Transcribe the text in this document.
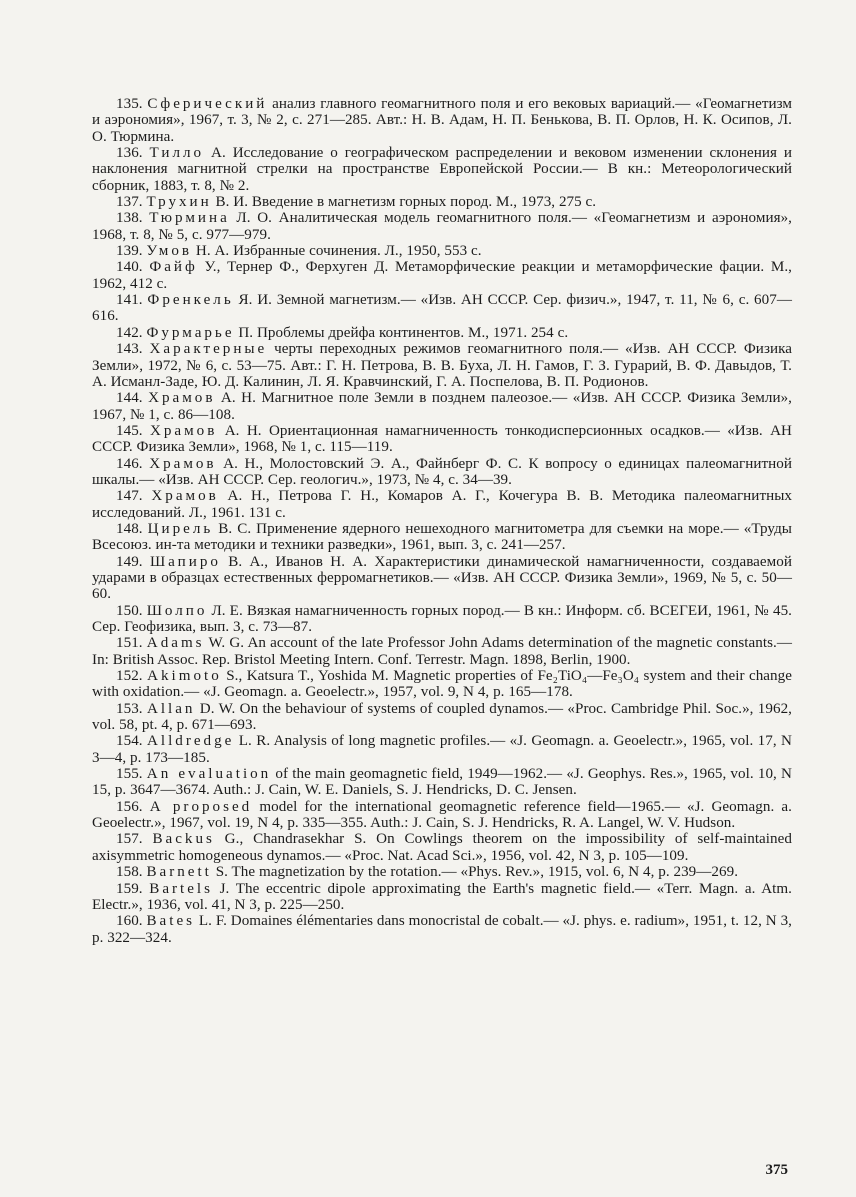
135. Сферический анализ главного геомагнитного поля и его вековых вариаций.— «Геомагнетизм и аэрономия», 1967, т. 3, № 2, с. 271—285. Авт.: Н. В. Адам, Н. П. Бенькова, В. П. Орлов, Н. К. Осипов, Л. О. Тюрмина.

136. Тилло А. Исследование о географическом распределении и вековом изменении склонения и наклонения магнитной стрелки на пространстве Европейской России.— В кн.: Метеорологический сборник, 1883, т. 8, № 2.

137. Трухин В. И. Введение в магнетизм горных пород. М., 1973, 275 с.

138. Тюрмина Л. О. Аналитическая модель геомагнитного поля.— «Геомагнетизм и аэрономия», 1968, т. 8, № 5, с. 977—979.

139. Умов Н. А. Избранные сочинения. Л., 1950, 553 с.

140. Файф У., Тернер Ф., Ферхуген Д. Метаморфические реакции и метаморфические фации. М., 1962, 412 с.

141. Френкель Я. И. Земной магнетизм.— «Изв. АН СССР. Сер. физич.», 1947, т. 11, № 6, с. 607—616.

142. Фурмарье П. Проблемы дрейфа континентов. М., 1971. 254 с.

143. Характерные черты переходных режимов геомагнитного поля.— «Изв. АН СССР. Физика Земли», 1972, № 6, с. 53—75. Авт.: Г. Н. Петрова, В. В. Буха, Л. Н. Гамов, Г. З. Гурарий, В. Ф. Давыдов, Т. А. Исманл-Заде, Ю. Д. Калинин, Л. Я. Кравчинский, Г. А. Поспелова, В. П. Родионов.

144. Храмов А. Н. Магнитное поле Земли в позднем палеозое.— «Изв. АН СССР. Физика Земли», 1967, № 1, с. 86—108.

145. Храмов А. Н. Ориентационная намагниченность тонкодисперсионных осадков.— «Изв. АН СССР. Физика Земли», 1968, № 1, с. 115—119.

146. Храмов А. Н., Молостовский Э. А., Файнберг Ф. С. К вопросу о единицах палеомагнитной шкалы.— «Изв. АН СССР. Сер. геологич.», 1973, № 4, с. 34—39.

147. Храмов А. Н., Петрова Г. Н., Комаров А. Г., Кочегура В. В. Методика палеомагнитных исследований. Л., 1961. 131 с.

148. Цирель В. С. Применение ядерного нешеходного магнитометра для съемки на море.— «Труды Всесоюз. ин-та методики и техники разведки», 1961, вып. 3, с. 241—257.

149. Шапиро В. А., Иванов Н. А. Характеристики динамической намагниченности, создаваемой ударами в образцах естественных ферромагнетиков.— «Изв. АН СССР. Физика Земли», 1969, № 5, с. 50—60.

150. Шолпо Л. Е. Вязкая намагниченность горных пород.— В кн.: Информ. сб. ВСЕГЕИ, 1961, № 45. Сер. Геофизика, вып. 3, с. 73—87.

151. Adams W. G. An account of the late Professor John Adams determination of the magnetic constants.— In: British Assoc. Rep. Bristol Meeting Intern. Conf. Terrestr. Magn. 1898, Berlin, 1900.

152. Akimoto S., Katsura T., Yoshida M. Magnetic properties of Fe₂TiO₄—Fe₃O₄ system and their change with oxidation.— «J. Geomagn. a. Geoelectr.», 1957, vol. 9, N 4, p. 165—178.

153. Allan D. W. On the behaviour of systems of coupled dynamos.— «Proc. Cambridge Phil. Soc.», 1962, vol. 58, pt. 4, p. 671—693.

154. Alldredge L. R. Analysis of long magnetic profiles.— «J. Geomagn. a. Geoelectr.», 1965, vol. 17, N 3—4, p. 173—185.

155. An evaluation of the main geomagnetic field, 1949—1962.— «J. Geophys. Res.», 1965, vol. 10, N 15, p. 3647—3674. Auth.: J. Cain, W. E. Daniels, S. J. Hendricks, D. C. Jensen.

156. A proposed model for the international geomagnetic reference field—1965.— «J. Geomagn. a. Geoelectr.», 1967, vol. 19, N 4, p. 335—355. Auth.: J. Cain, S. J. Hendricks, R. A. Langel, W. V. Hudson.

157. Backus G., Chandrasekhar S. On Cowlings theorem on the impossibility of self-maintained axisymmetric homogeneous dynamos.— «Proc. Nat. Acad Sci.», 1956, vol. 42, N 3, p. 105—109.

158. Barnett S. The magnetization by the rotation.— «Phys. Rev.», 1915, vol. 6, N 4, p. 239—269.

159. Bartels J. The eccentric dipole approximating the Earth's magnetic field.— «Terr. Magn. a. Atm. Electr.», 1936, vol. 41, N 3, p. 225—250.

160. Bates L. F. Domaines élémentaries dans monocristal de cobalt.— «J. phys. e. radium», 1951, t. 12, N 3, p. 322—324.

375
